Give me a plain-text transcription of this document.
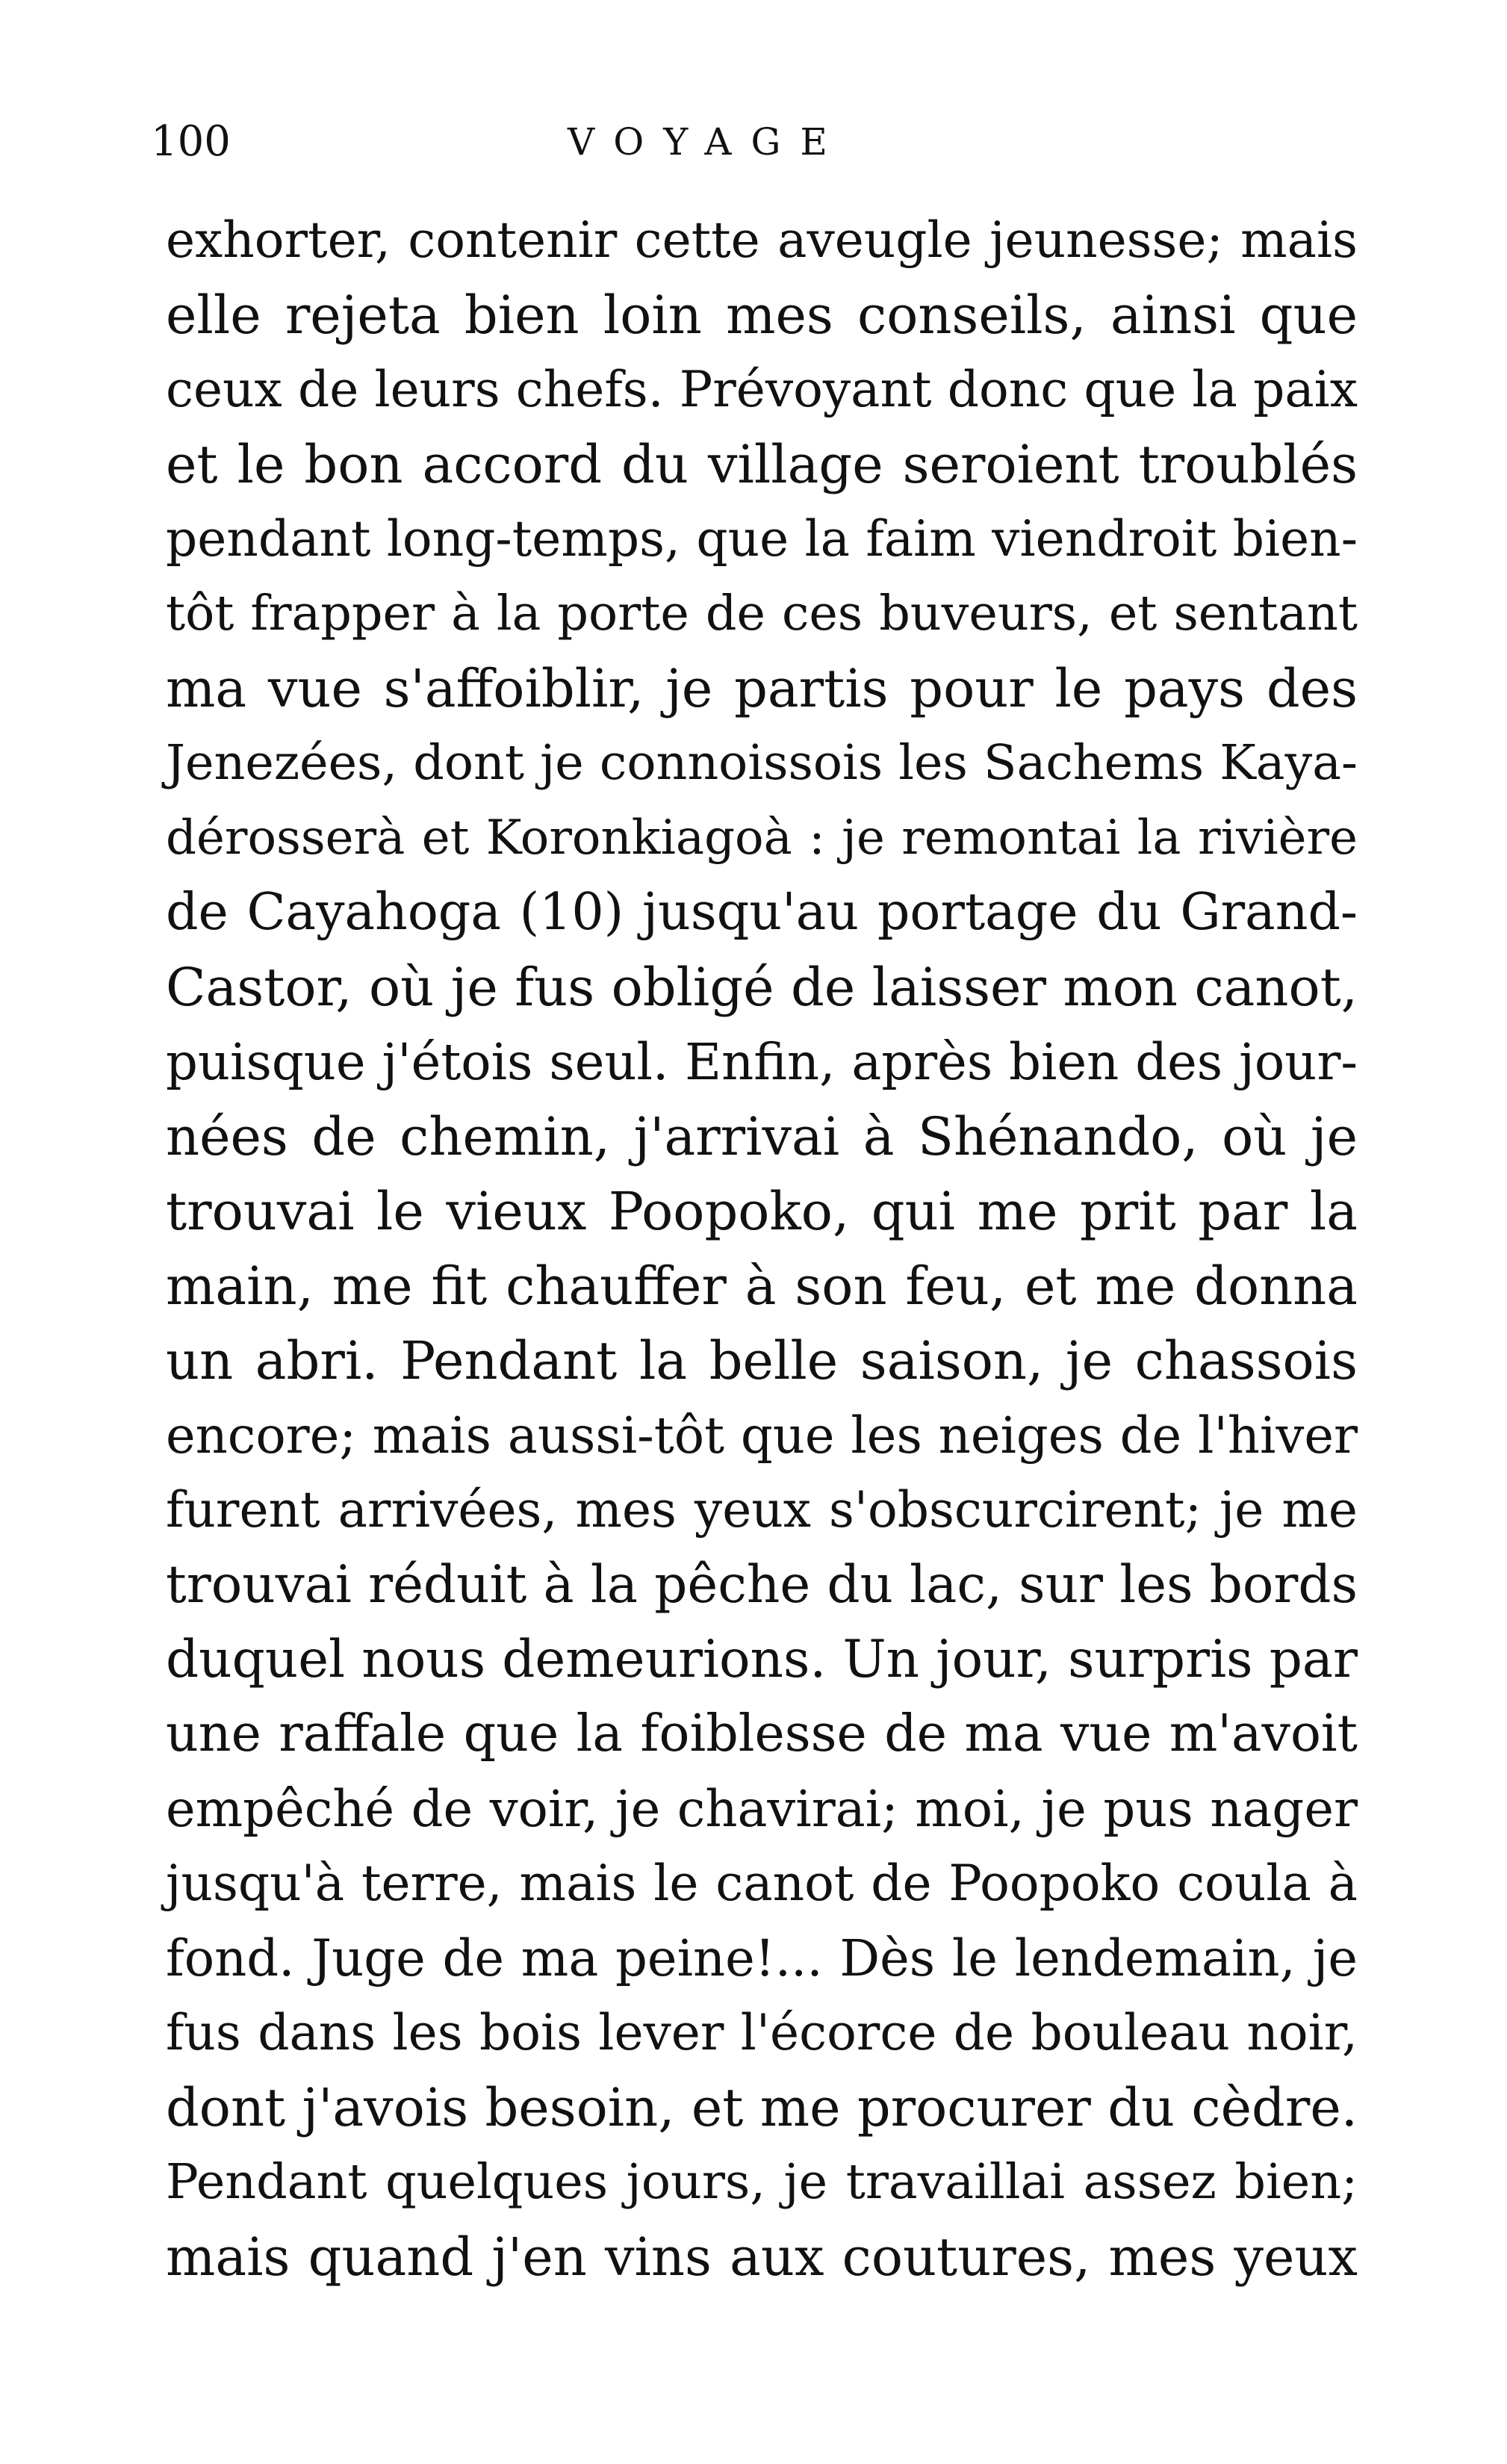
100	VOYAGE
exhorter, contenir cette aveugle jeunesse; mais
elle rejeta bien loin mes conseils, ainsi que
ceux de leurs chefs. Prévoyant donc que la paix
et le bon accord du village seroient troublés
pendant long-temps, que la faim viendroit bien-
tôt frapper à la porte de ces buveurs, et sentant
ma vue s'affoiblir, je partis pour le pays des
Jenezées, dont je connoissois les Sachems Kaya-
dérosserà et Koronkiagoà : je remontai la rivière
de Cayahoga (10) jusqu'au portage du Grand-
Castor, où je fus obligé de laisser mon canot,
puisque j'étois seul. Enfin, après bien des jour-
nées de chemin, j'arrivai à Shénando, où je
trouvai le vieux Poopoko, qui me prit par la
main, me fit chauffer à son feu, et me donna
un abri. Pendant la belle saison, je chassois
encore; mais aussi-tôt que les neiges de l'hiver
furent arrivées, mes yeux s'obscurcirent; je me
trouvai réduit à la pêche du lac, sur les bords
duquel nous demeurions. Un jour, surpris par
une raffale que la foiblesse de ma vue m'avoit
empêché de voir, je chavirai; moi, je pus nager
jusqu'à terre, mais le canot de Poopoko coula à
fond. Juge de ma peine!... Dès le lendemain, je
fus dans les bois lever l'écorce de bouleau noir,
dont j'avois besoin, et me procurer du cèdre.
Pendant quelques jours, je travaillai assez bien;
mais quand j'en vins aux coutures, mes yeux
